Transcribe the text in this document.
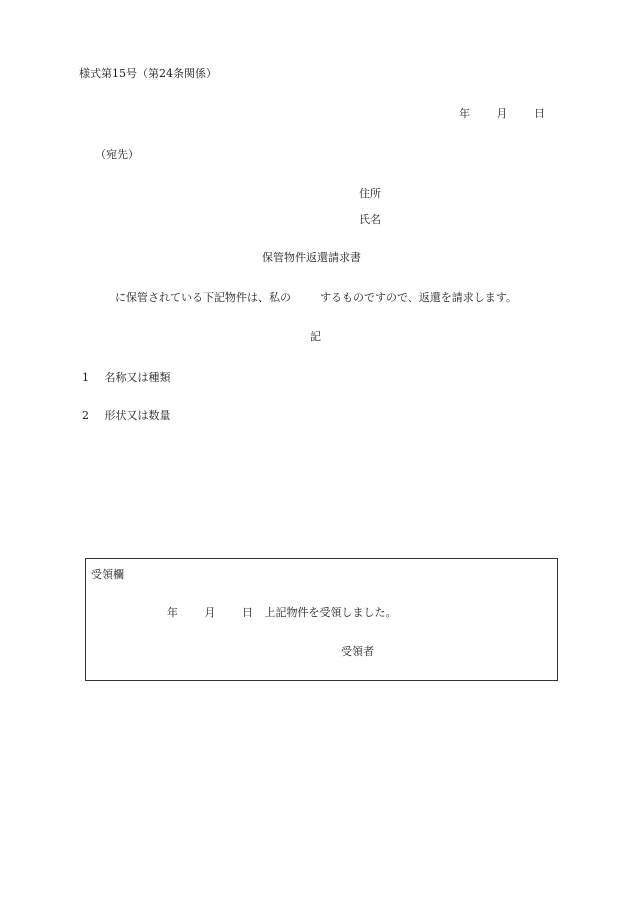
様式第15号（第24条関係）
年 月 日
（宛先）
住所
氏名
保管物件返還請求書
に保管されている下記物件は、私の	するものですので、返還を請求します。
記
1 名称又は種類
2 形状又は数量
受領欄
年 月 日 上記物件を受領しました。
受領者
